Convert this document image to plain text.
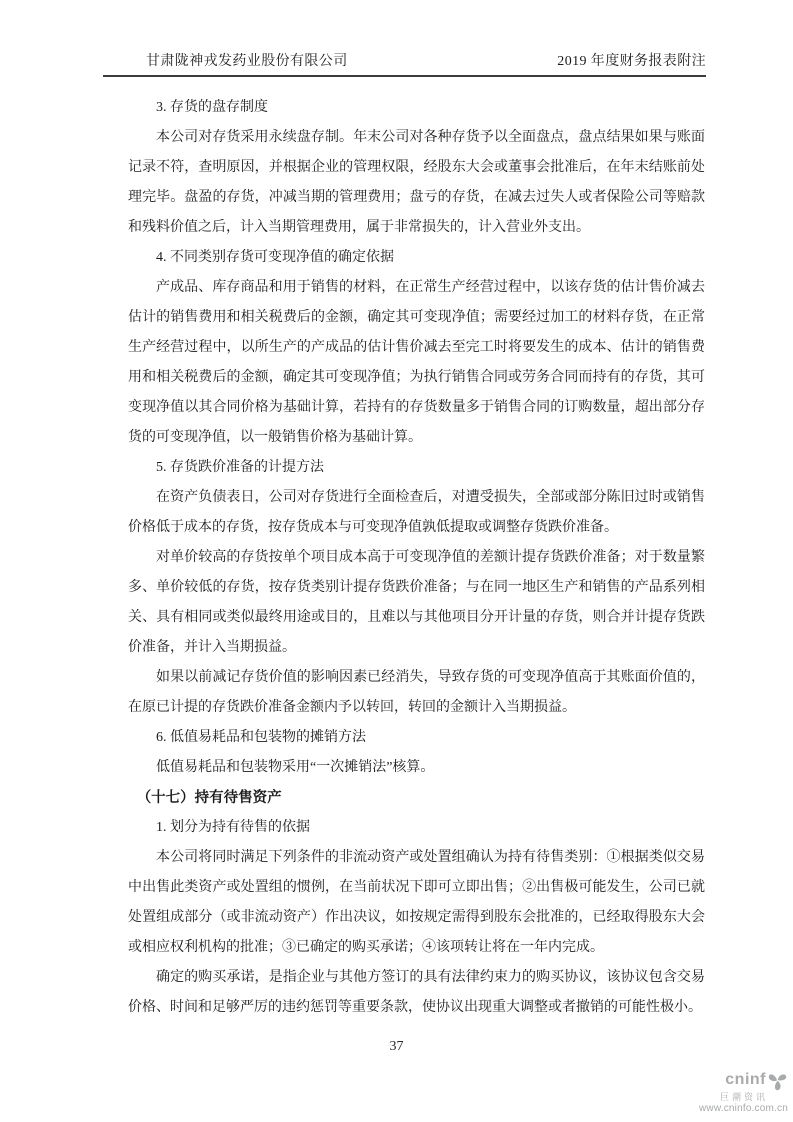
甘肃陇神戎发药业股份有限公司	2019 年度财务报表附注

3. 存货的盘存制度

本公司对存货采用永续盘存制。年末公司对各种存货予以全面盘点，盘点结果如果与账面记录不符，查明原因，并根据企业的管理权限，经股东大会或董事会批准后，在年末结账前处理完毕。盘盈的存货，冲减当期的管理费用；盘亏的存货，在减去过失人或者保险公司等赔款和残料价值之后，计入当期管理费用，属于非常损失的，计入营业外支出。

4. 不同类别存货可变现净值的确定依据

产成品、库存商品和用于销售的材料，在正常生产经营过程中，以该存货的估计售价减去估计的销售费用和相关税费后的金额，确定其可变现净值；需要经过加工的材料存货，在正常生产经营过程中，以所生产的产成品的估计售价减去至完工时将要发生的成本、估计的销售费用和相关税费后的金额，确定其可变现净值；为执行销售合同或劳务合同而持有的存货，其可变现净值以其合同价格为基础计算，若持有的存货数量多于销售合同的订购数量，超出部分存货的可变现净值，以一般销售价格为基础计算。

5. 存货跌价准备的计提方法

在资产负债表日，公司对存货进行全面检查后，对遭受损失，全部或部分陈旧过时或销售价格低于成本的存货，按存货成本与可变现净值孰低提取或调整存货跌价准备。

对单价较高的存货按单个项目成本高于可变现净值的差额计提存货跌价准备；对于数量繁多、单价较低的存货，按存货类别计提存货跌价准备；与在同一地区生产和销售的产品系列相关、具有相同或类似最终用途或目的，且难以与其他项目分开计量的存货，则合并计提存货跌价准备，并计入当期损益。

如果以前减记存货价值的影响因素已经消失，导致存货的可变现净值高于其账面价值的，在原已计提的存货跌价准备金额内予以转回，转回的金额计入当期损益。

6. 低值易耗品和包装物的摊销方法

低值易耗品和包装物采用“一次摊销法”核算。

（十七）持有待售资产

1. 划分为持有待售的依据

本公司将同时满足下列条件的非流动资产或处置组确认为持有待售类别：①根据类似交易中出售此类资产或处置组的惯例，在当前状况下即可立即出售；②出售极可能发生，公司已就处置组成部分（或非流动资产）作出决议，如按规定需得到股东会批准的，已经取得股东大会或相应权利机构的批准；③已确定的购买承诺；④该项转让将在一年内完成。

确定的购买承诺，是指企业与其他方签订的具有法律约束力的购买协议，该协议包含交易价格、时间和足够严厉的违约惩罚等重要条款，使协议出现重大调整或者撤销的可能性极小。

37
cninf
巨潮资讯
www.cninfo.com.cn
